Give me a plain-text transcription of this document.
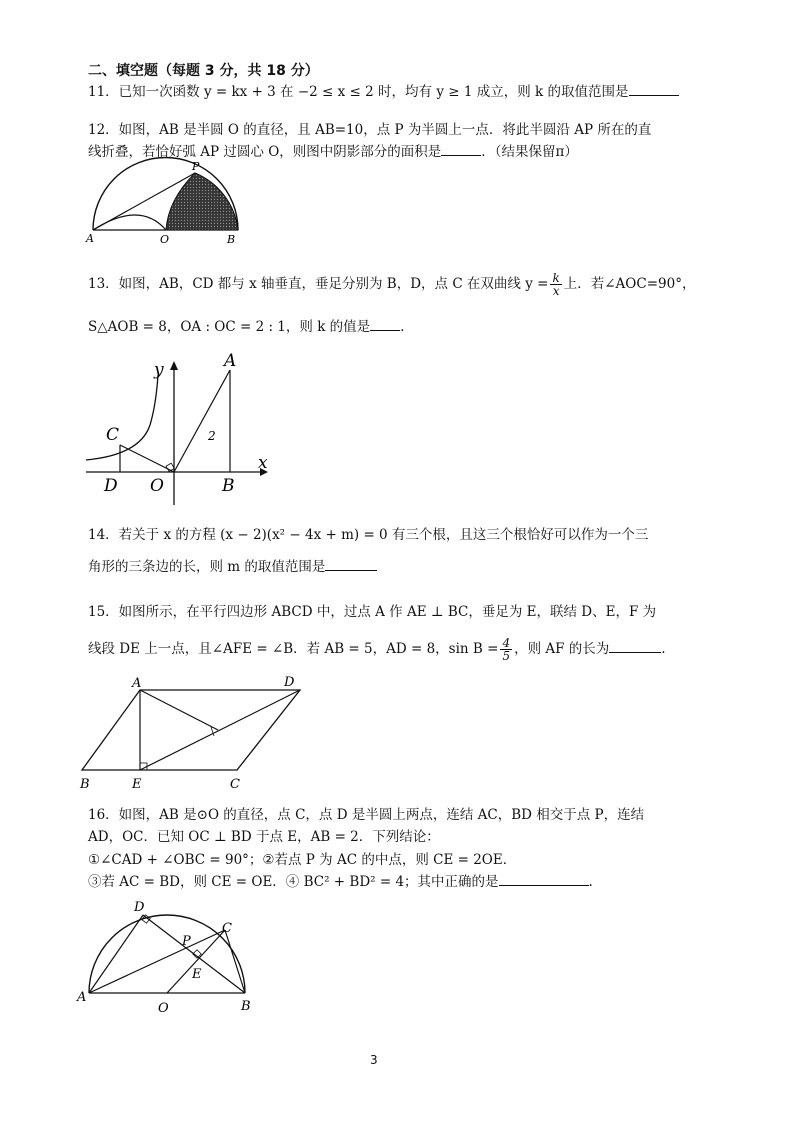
二、填空题（每题 3 分，共 18 分）
11．已知一次函数 y = kx + 3 在 −2 ≤ x ≤ 2 时，均有 y ≥ 1 成立，则 k 的取值范围是
12．如图，AB 是半圆 O 的直径，且 AB=10，点 P 为半圆上一点．将此半圆沿 AP 所在的直
线折叠，若恰好弧 AP 过圆心 O，则图中阴影部分的面积是	．（结果保留π）
P
A	O	B
13．如图，AB，CD 都与 x 轴垂直，垂足分别为 B，D，点 C 在双曲线 $y = \frac{k}{x}$ 上．若∠AOC=90°，
S△AOB = 8，OA : OC = 2 : 1，则 k 的值是 .
y
x
A
C
D O	B
2
14．若关于 x 的方程 (x − 2)(x² − 4x + m) = 0 有三个根，且这三个根恰好可以作为一个三
角形的三条边的长，则 m 的取值范围是
15．如图所示，在平行四边形 ABCD 中，过点 A 作 AE ⊥ BC，垂足为 E，联结 D、E，F 为
线段 DE 上一点，且∠AFE = ∠B．若 AB = 5，AD = 8，$\sin B = \frac{4}{5}$ ，则 AF 的长为	.
A	D
B	E	C
16．如图，AB 是⊙O 的直径，点 C，点 D 是半圆上两点，连结 AC，BD 相交于点 P，连结
AD，OC．已知 OC ⊥ BD 于点 E，AB = 2．下列结论：
①∠CAD + ∠OBC = 90°；②若点 P 为 AC 的中点，则 CE = 2OE．
③若 AC = BD，则 CE = OE．④ BC² + BD² = 4；其中正确的是	.
D
C
P
E
A
O	B
3
